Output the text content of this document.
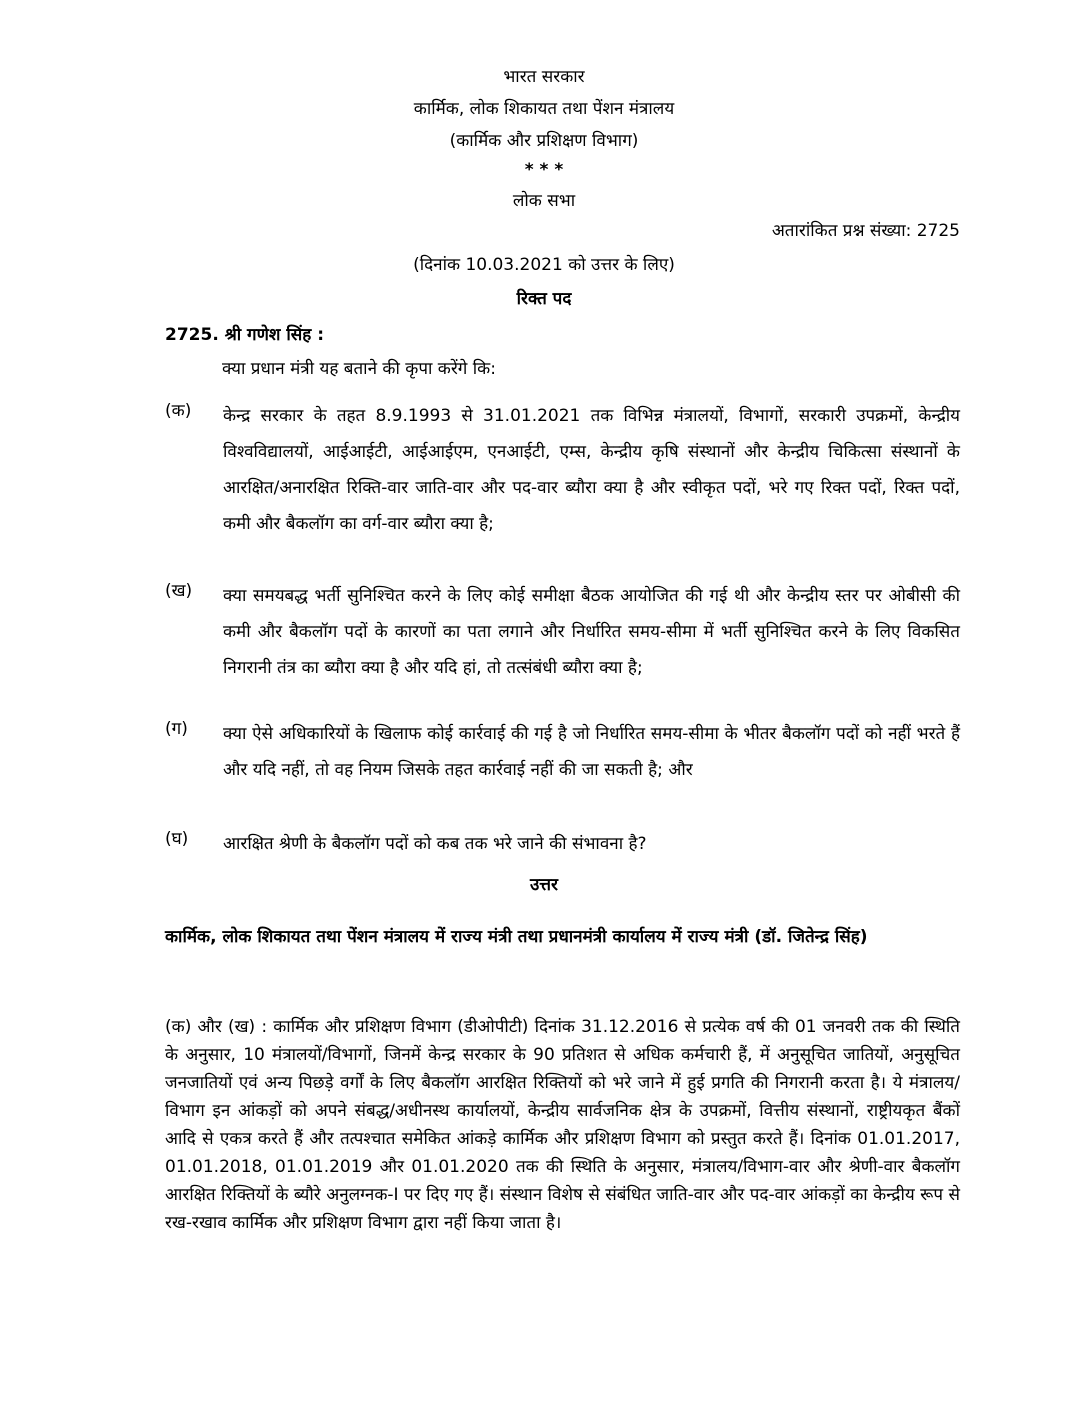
भारत सरकार
कार्मिक, लोक शिकायत तथा पेंशन मंत्रालय
(कार्मिक और प्रशिक्षण विभाग)
* * *
लोक सभा
अतारांकित प्रश्न संख्या: 2725
(दिनांक 10.03.2021 को उत्तर के लिए)
रिक्त पद
2725. श्री गणेश सिंह :
क्या प्रधान मंत्री यह बताने की कृपा करेंगे कि:
(क) केन्द्र सरकार के तहत 8.9.1993 से 31.01.2021 तक विभिन्न मंत्रालयों, विभागों, सरकारी उपक्रमों, केन्द्रीय विश्वविद्यालयों, आईआईटी, आईआईएम, एनआईटी, एम्स, केन्द्रीय कृषि संस्थानों और केन्द्रीय चिकित्सा संस्थानों के आरक्षित/अनारक्षित रिक्ति-वार जाति-वार और पद-वार ब्यौरा क्या है और स्वीकृत पदों, भरे गए रिक्त पदों, रिक्त पदों, कमी और बैकलॉग का वर्ग-वार ब्यौरा क्या है;
(ख) क्या समयबद्ध भर्ती सुनिश्चित करने के लिए कोई समीक्षा बैठक आयोजित की गई थी और केन्द्रीय स्तर पर ओबीसी की कमी और बैकलॉग पदों के कारणों का पता लगाने और निर्धारित समय-सीमा में भर्ती सुनिश्चित करने के लिए विकसित निगरानी तंत्र का ब्यौरा क्या है और यदि हां, तो तत्संबंधी ब्यौरा क्या है;
(ग) क्या ऐसे अधिकारियों के खिलाफ कोई कार्रवाई की गई है जो निर्धारित समय-सीमा के भीतर बैकलॉग पदों को नहीं भरते हैं और यदि नहीं, तो वह नियम जिसके तहत कार्रवाई नहीं की जा सकती है; और
(घ) आरक्षित श्रेणी के बैकलॉग पदों को कब तक भरे जाने की संभावना है?
उत्तर
कार्मिक, लोक शिकायत तथा पेंशन मंत्रालय में राज्य मंत्री तथा प्रधानमंत्री कार्यालय में राज्य मंत्री (डॉ. जितेन्द्र सिंह)
(क) और (ख) : कार्मिक और प्रशिक्षण विभाग (डीओपीटी) दिनांक 31.12.2016 से प्रत्येक वर्ष की 01 जनवरी तक की स्थिति के अनुसार, 10 मंत्रालयों/विभागों, जिनमें केन्द्र सरकार के 90 प्रतिशत से अधिक कर्मचारी हैं, में अनुसूचित जातियों, अनुसूचित जनजातियों एवं अन्य पिछड़े वर्गों के लिए बैकलॉग आरक्षित रिक्तियों को भरे जाने में हुई प्रगति की निगरानी करता है। ये मंत्रालय/विभाग इन आंकड़ों को अपने संबद्ध/अधीनस्थ कार्यालयों, केन्द्रीय सार्वजनिक क्षेत्र के उपक्रमों, वित्तीय संस्थानों, राष्ट्रीयकृत बैंकों आदि से एकत्र करते हैं और तत्पश्चात समेकित आंकड़े कार्मिक और प्रशिक्षण विभाग को प्रस्तुत करते हैं। दिनांक 01.01.2017, 01.01.2018, 01.01.2019 और 01.01.2020 तक की स्थिति के अनुसार, मंत्रालय/विभाग-वार और श्रेणी-वार बैकलॉग आरक्षित रिक्तियों के ब्यौरे अनुलग्नक-I पर दिए गए हैं। संस्थान विशेष से संबंधित जाति-वार और पद-वार आंकड़ों का केन्द्रीय रूप से रख-रखाव कार्मिक और प्रशिक्षण विभाग द्वारा नहीं किया जाता है।
